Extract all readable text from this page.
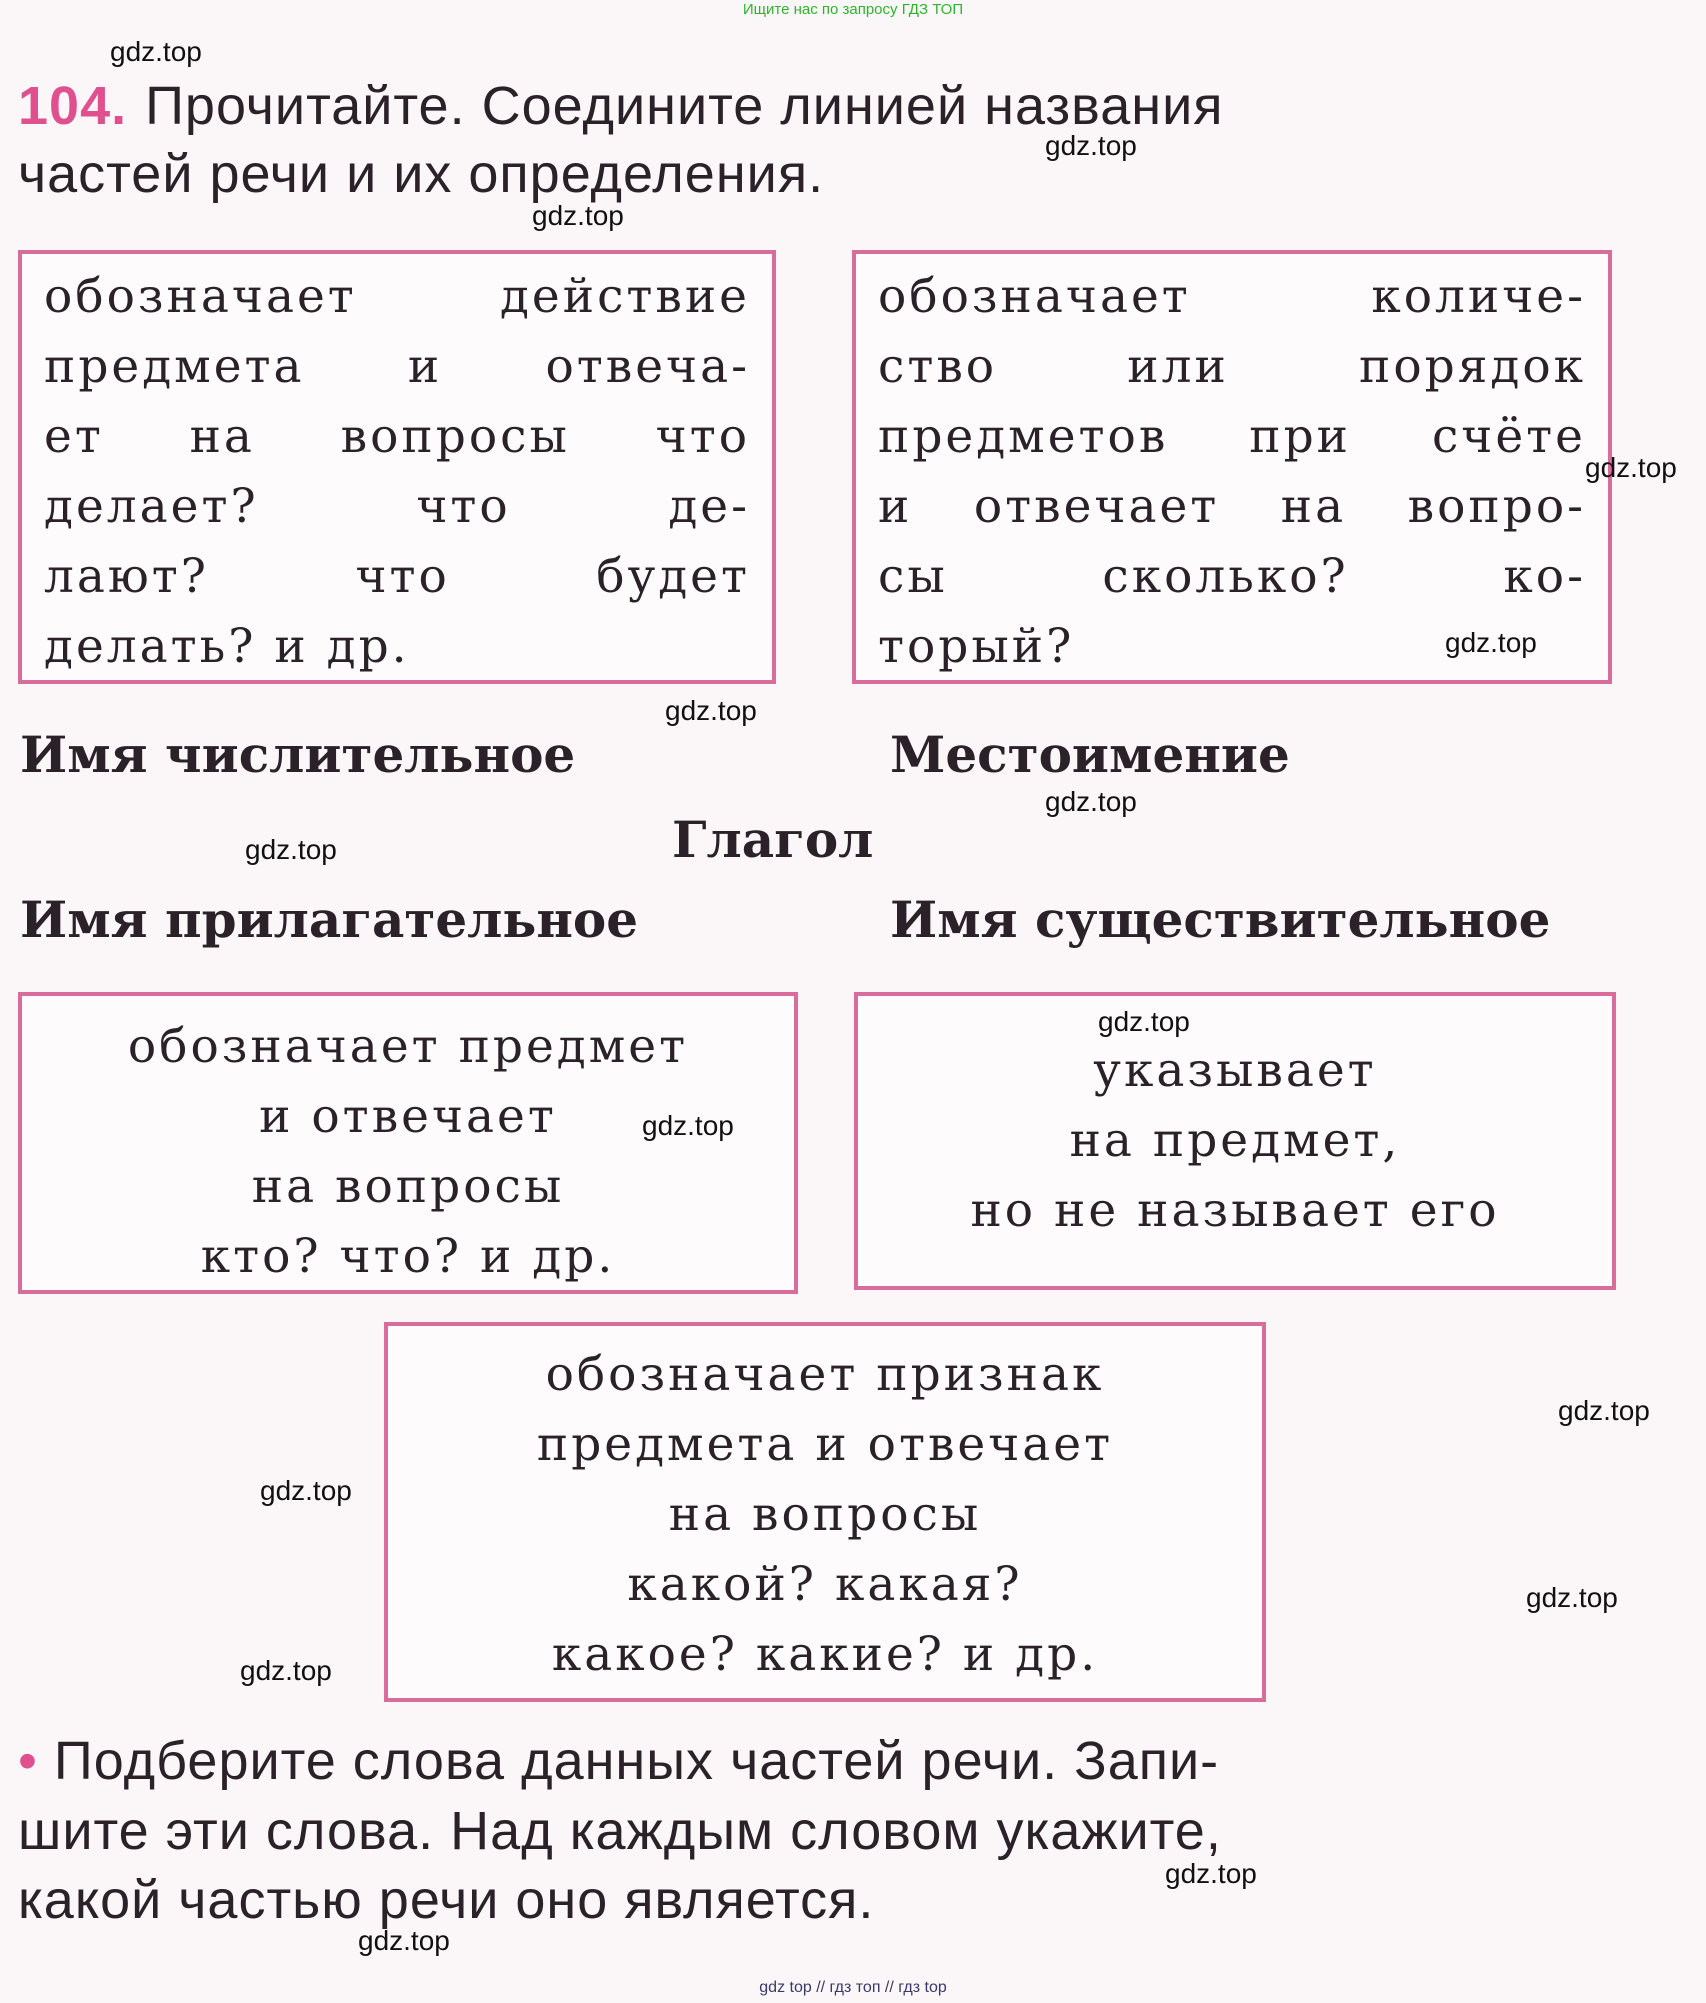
Ищите нас по запросу ГДЗ ТОП
104. Прочитайте. Соедините линией названия
частей речи и их определения.
обозначает действие
предмета и отвеча-
ет на вопросы что
делает? что де-
лают? что будет
делать? и др.
обозначает количе-
ство или порядок
предметов при счёте
и отвечает на вопро-
сы сколько? ко-
торый?
Имя числительное	Местоимение
Глагол
Имя прилагательное	Имя существительное
обозначает предмет
и отвечает
на вопросы
кто? что? и др.
указывает
на предмет,
но не называет его
обозначает признак
предмета и отвечает
на вопросы
какой? какая?
какое? какие? и др.
• Подберите слова данных частей речи. Запи-
шите эти слова. Над каждым словом укажите,
какой частью речи оно является.
gdz.top
gdz.top
gdz.top
gdz.top
gdz.top
gdz.top
gdz.top
gdz.top
gdz.top
gdz.top
gdz.top
gdz.top
gdz.top
gdz.top
gdz.top
gdz.top
gdz top // гдз топ // гдз top
